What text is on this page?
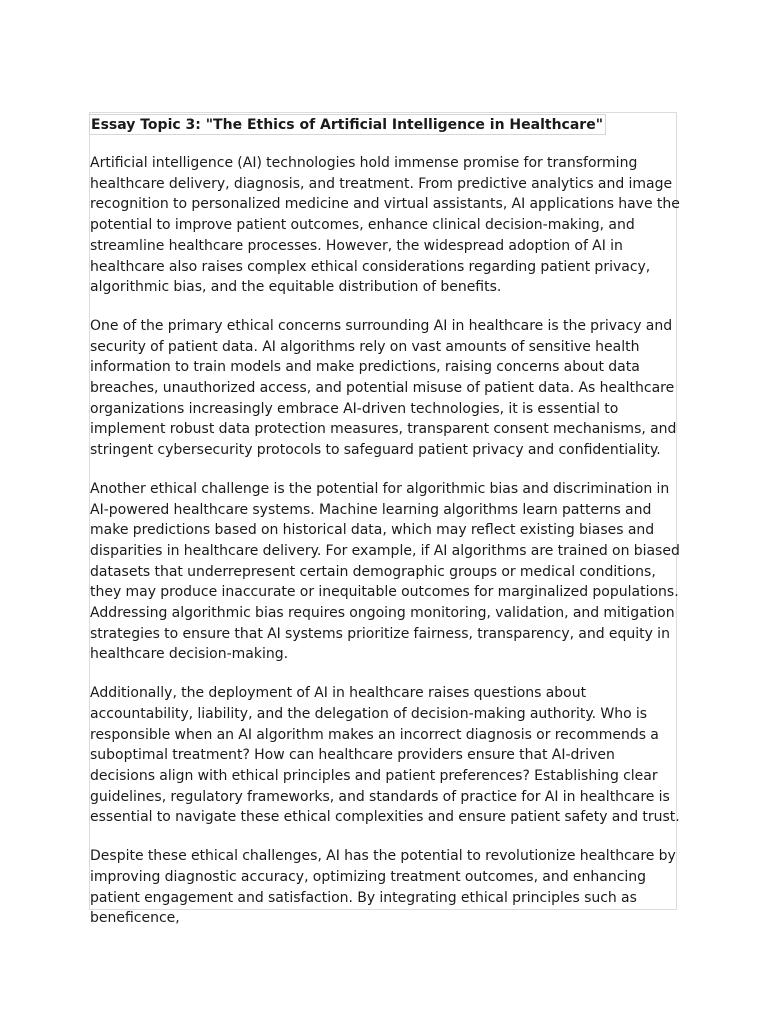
Essay Topic 3: "The Ethics of Artificial Intelligence in Healthcare"

Artificial intelligence (AI) technologies hold immense promise for transforming healthcare delivery, diagnosis, and treatment. From predictive analytics and image recognition to personalized medicine and virtual assistants, AI applications have the potential to improve patient outcomes, enhance clinical decision-making, and streamline healthcare processes. However, the widespread adoption of AI in healthcare also raises complex ethical considerations regarding patient privacy, algorithmic bias, and the equitable distribution of benefits.

One of the primary ethical concerns surrounding AI in healthcare is the privacy and security of patient data. AI algorithms rely on vast amounts of sensitive health information to train models and make predictions, raising concerns about data breaches, unauthorized access, and potential misuse of patient data. As healthcare organizations increasingly embrace AI-driven technologies, it is essential to implement robust data protection measures, transparent consent mechanisms, and stringent cybersecurity protocols to safeguard patient privacy and confidentiality.

Another ethical challenge is the potential for algorithmic bias and discrimination in AI-powered healthcare systems. Machine learning algorithms learn patterns and make predictions based on historical data, which may reflect existing biases and disparities in healthcare delivery. For example, if AI algorithms are trained on biased datasets that underrepresent certain demographic groups or medical conditions, they may produce inaccurate or inequitable outcomes for marginalized populations. Addressing algorithmic bias requires ongoing monitoring, validation, and mitigation strategies to ensure that AI systems prioritize fairness, transparency, and equity in healthcare decision-making.

Additionally, the deployment of AI in healthcare raises questions about accountability, liability, and the delegation of decision-making authority. Who is responsible when an AI algorithm makes an incorrect diagnosis or recommends a suboptimal treatment? How can healthcare providers ensure that AI-driven decisions align with ethical principles and patient preferences? Establishing clear guidelines, regulatory frameworks, and standards of practice for AI in healthcare is essential to navigate these ethical complexities and ensure patient safety and trust.

Despite these ethical challenges, AI has the potential to revolutionize healthcare by improving diagnostic accuracy, optimizing treatment outcomes, and enhancing patient engagement and satisfaction. By integrating ethical principles such as beneficence,
